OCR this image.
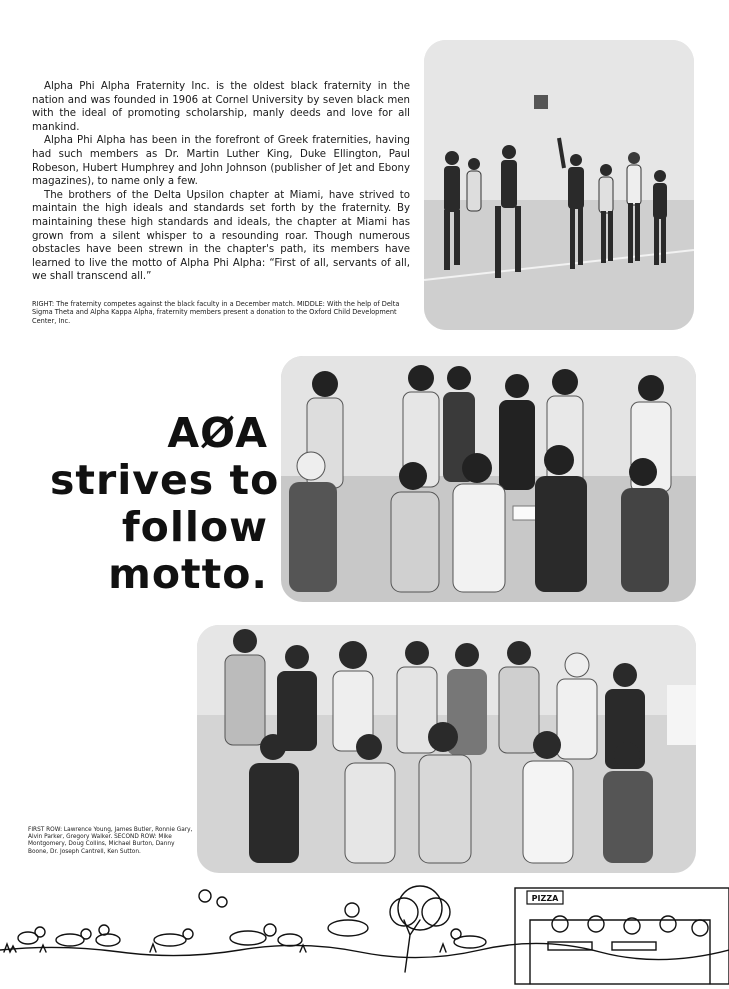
Alpha Phi Alpha Fraternity Inc. is the oldest black fraternity in the nation and was founded in 1906 at Cornel University by seven black men with the ideal of promoting scholarship, manly deeds and love for all mankind.

Alpha Phi Alpha has been in the forefront of Greek fraternities, having had such members as Dr. Martin Luther King, Duke Ellington, Paul Robeson, Hubert Humphrey and John Johnson (publisher of Jet and Ebony magazines), to name only a few.

The brothers of the Delta Upsilon chapter at Miami, have strived to maintain the high ideals and standards set forth by the fraternity. By maintaining these high standards and ideals, the chapter at Miami has grown from a silent whisper to a resounding roar. Though numerous obstacles have been strewn in the chapter's path, its members have learned to live the motto of Alpha Phi Alpha: “First of all, servants of all, we shall transcend all.”

RIGHT: The fraternity competes against the black faculty in a December match. MIDDLE: With the help of Delta Sigma Theta and Alpha Kappa Alpha, fraternity members present a donation to the Oxford Child Development Center, Inc.

AØA
strives to
follow
motto.

FIRST ROW: Lawrence Young, James Butler, Ronnie Gary, Alvin Parker, Gregory Walker. SECOND ROW: Mike Montgomery, Doug Collins, Michael Burton, Danny Boone, Dr. Joseph Cantrell, Ken Sutton.

PIZZA
